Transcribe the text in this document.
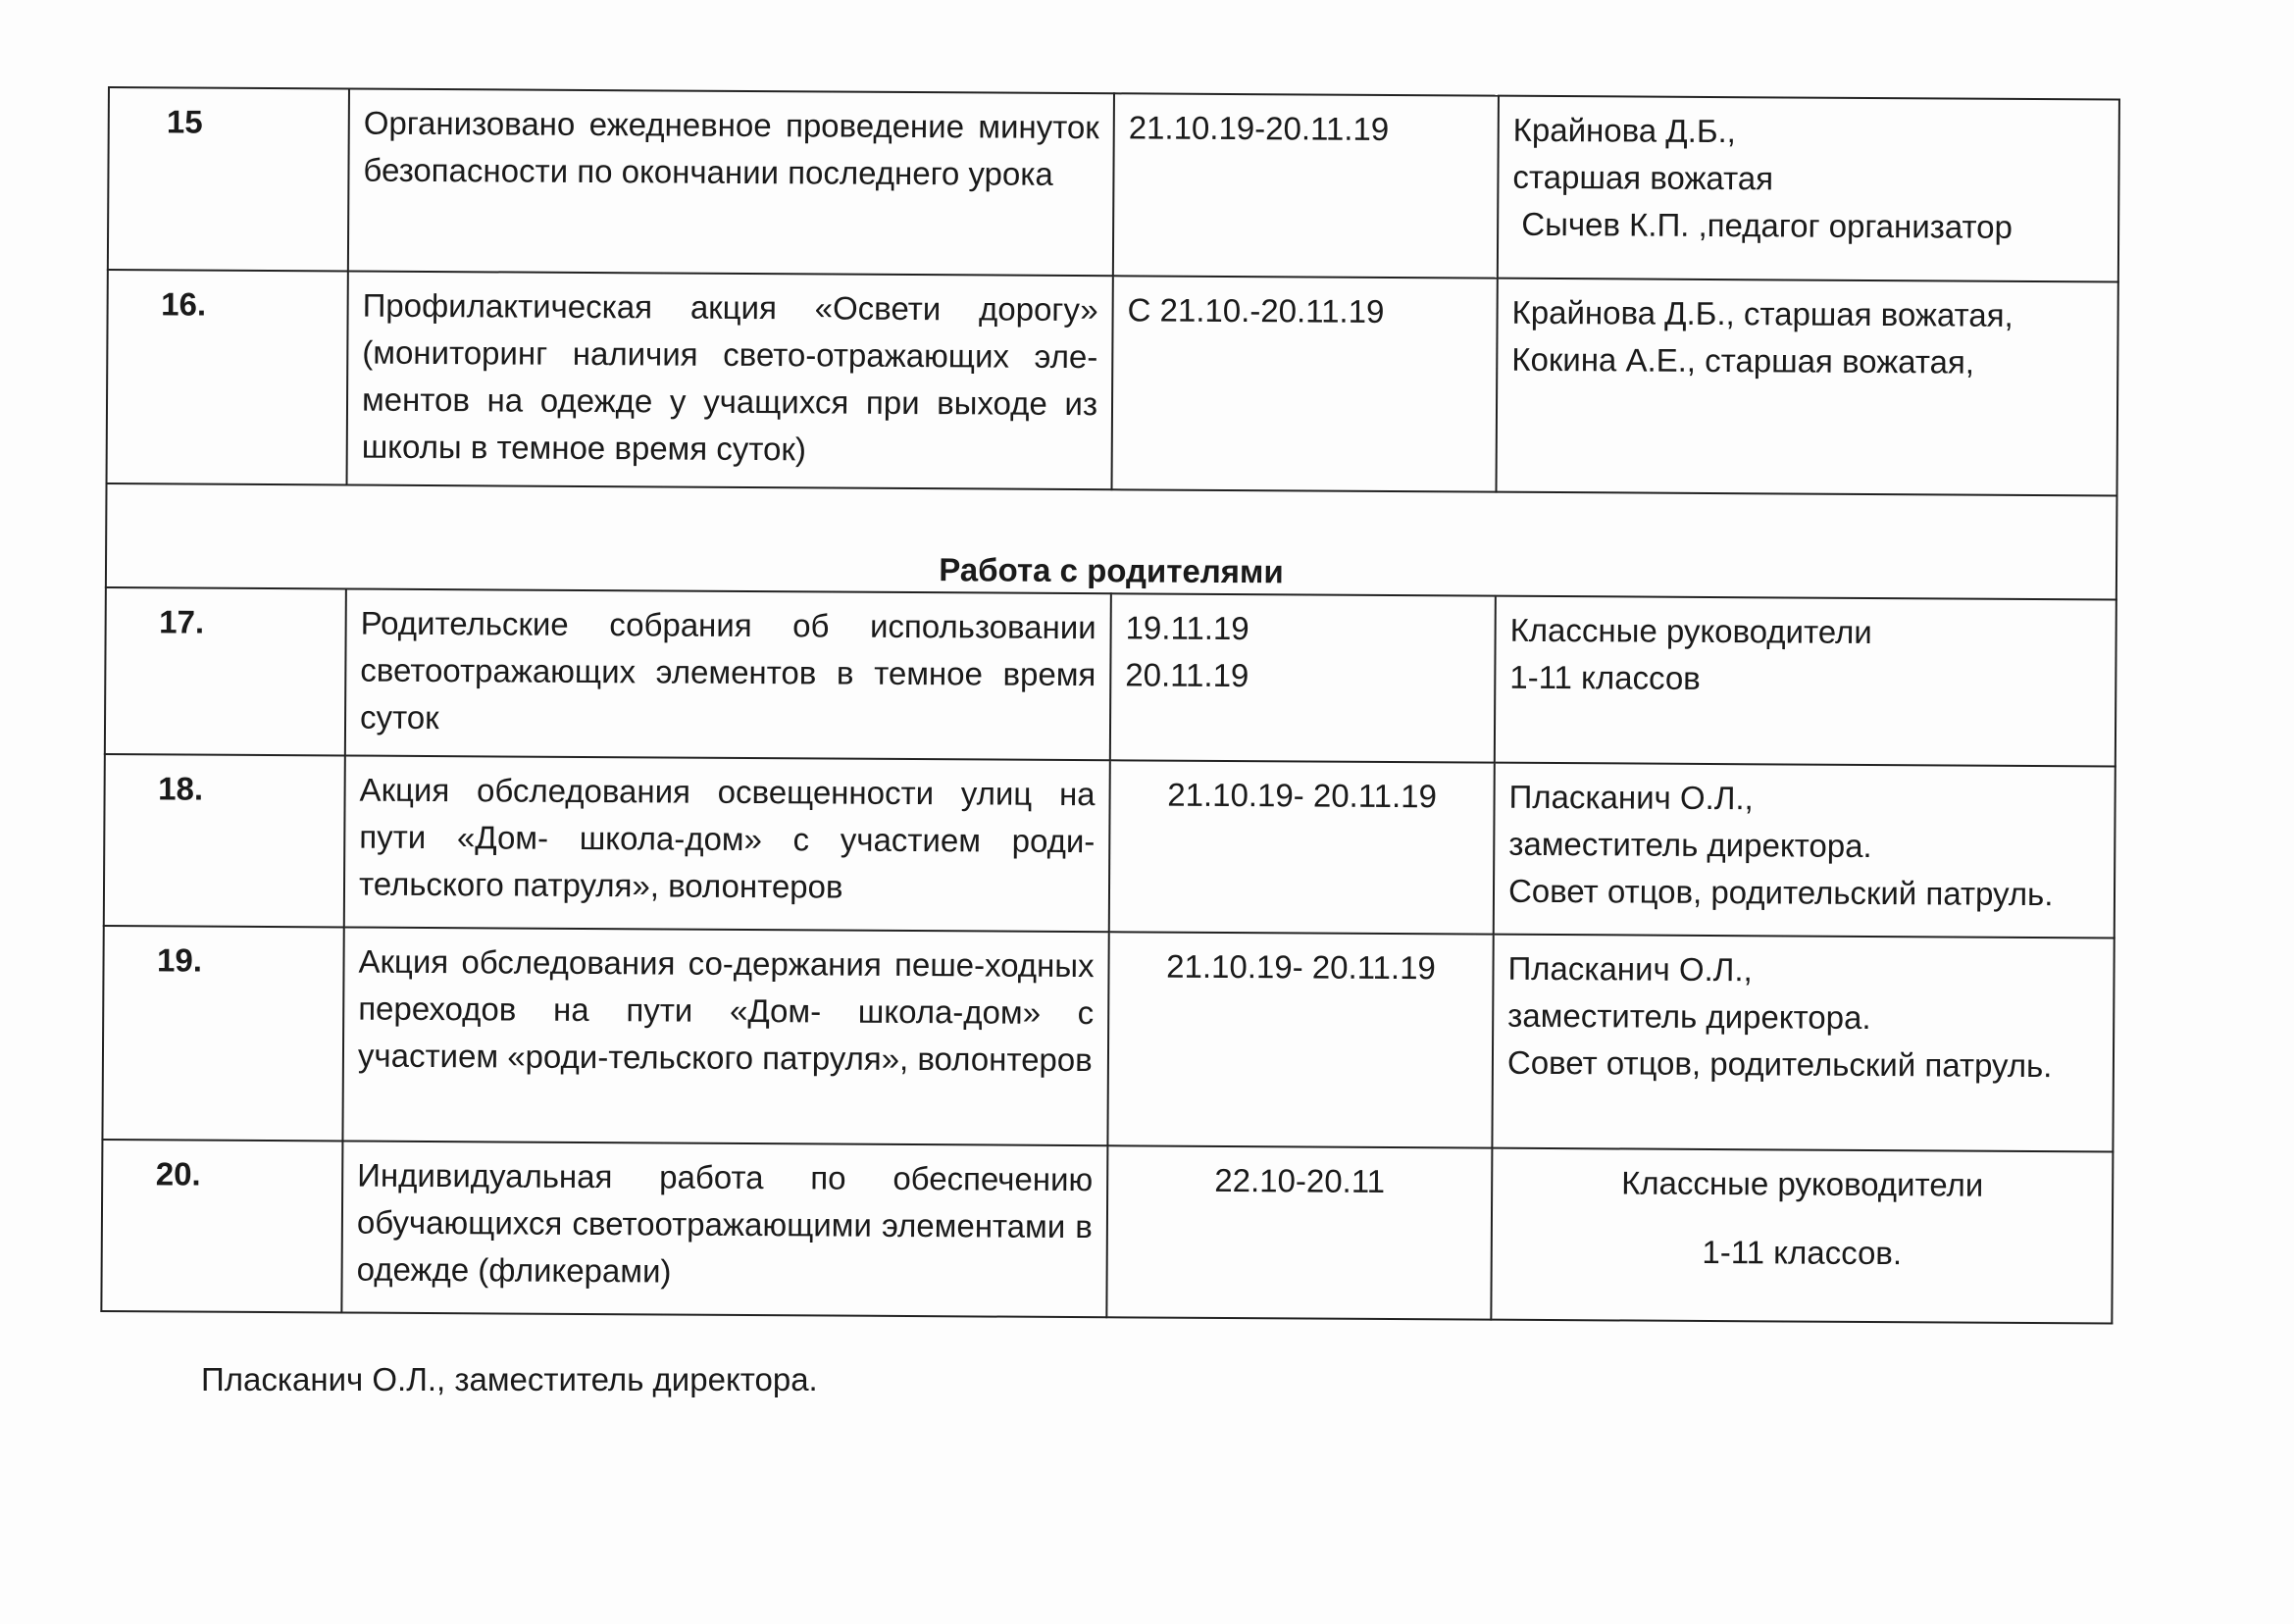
15	Организовано ежедневное проведение минуток безопасности по окончании последнего урока	21.10.19-20.11.19	Крайнова Д.Б.,
старшая вожатая
Сычев К.П. ,педагог организатор

16.	Профилактическая акция «Освети дорогу» (мониторинг наличия свето-отражающих эле-ментов на одежде у учащихся при выходе из школы в темное время суток)	С 21.10.-20.11.19	Крайнова Д.Б., старшая вожатая,
Кокина А.Е., старшая вожатая,

Работа с родителями			
17.	Родительские собрания об использовании светоотражающих элементов в темное время суток	19.11.19
20.11.19	Классные руководители
1-11 классов

18.	Акция обследования освещенности улиц на пути «Дом- школа-дом» с участием роди-тельского патруля», волонтеров	21.10.19- 20.11.19	Пласканич О.Л.,
заместитель директора.
Совет отцов, родительский патруль.

19.	Акция обследования со-держания пеше-ходных переходов на пути «Дом- школа-дом» с участием «роди-тельского патруля», волонтеров	21.10.19- 20.11.19	Пласканич О.Л.,
заместитель директора.
Совет отцов, родительский патруль.

20.	Индивидуальная работа по обеспечению обучающихся светоотражающими элементами в одежде (фликерами)	22.10-20.11	Классные руководители
1-11 классов.
Пласканич О.Л., заместитель директора.
